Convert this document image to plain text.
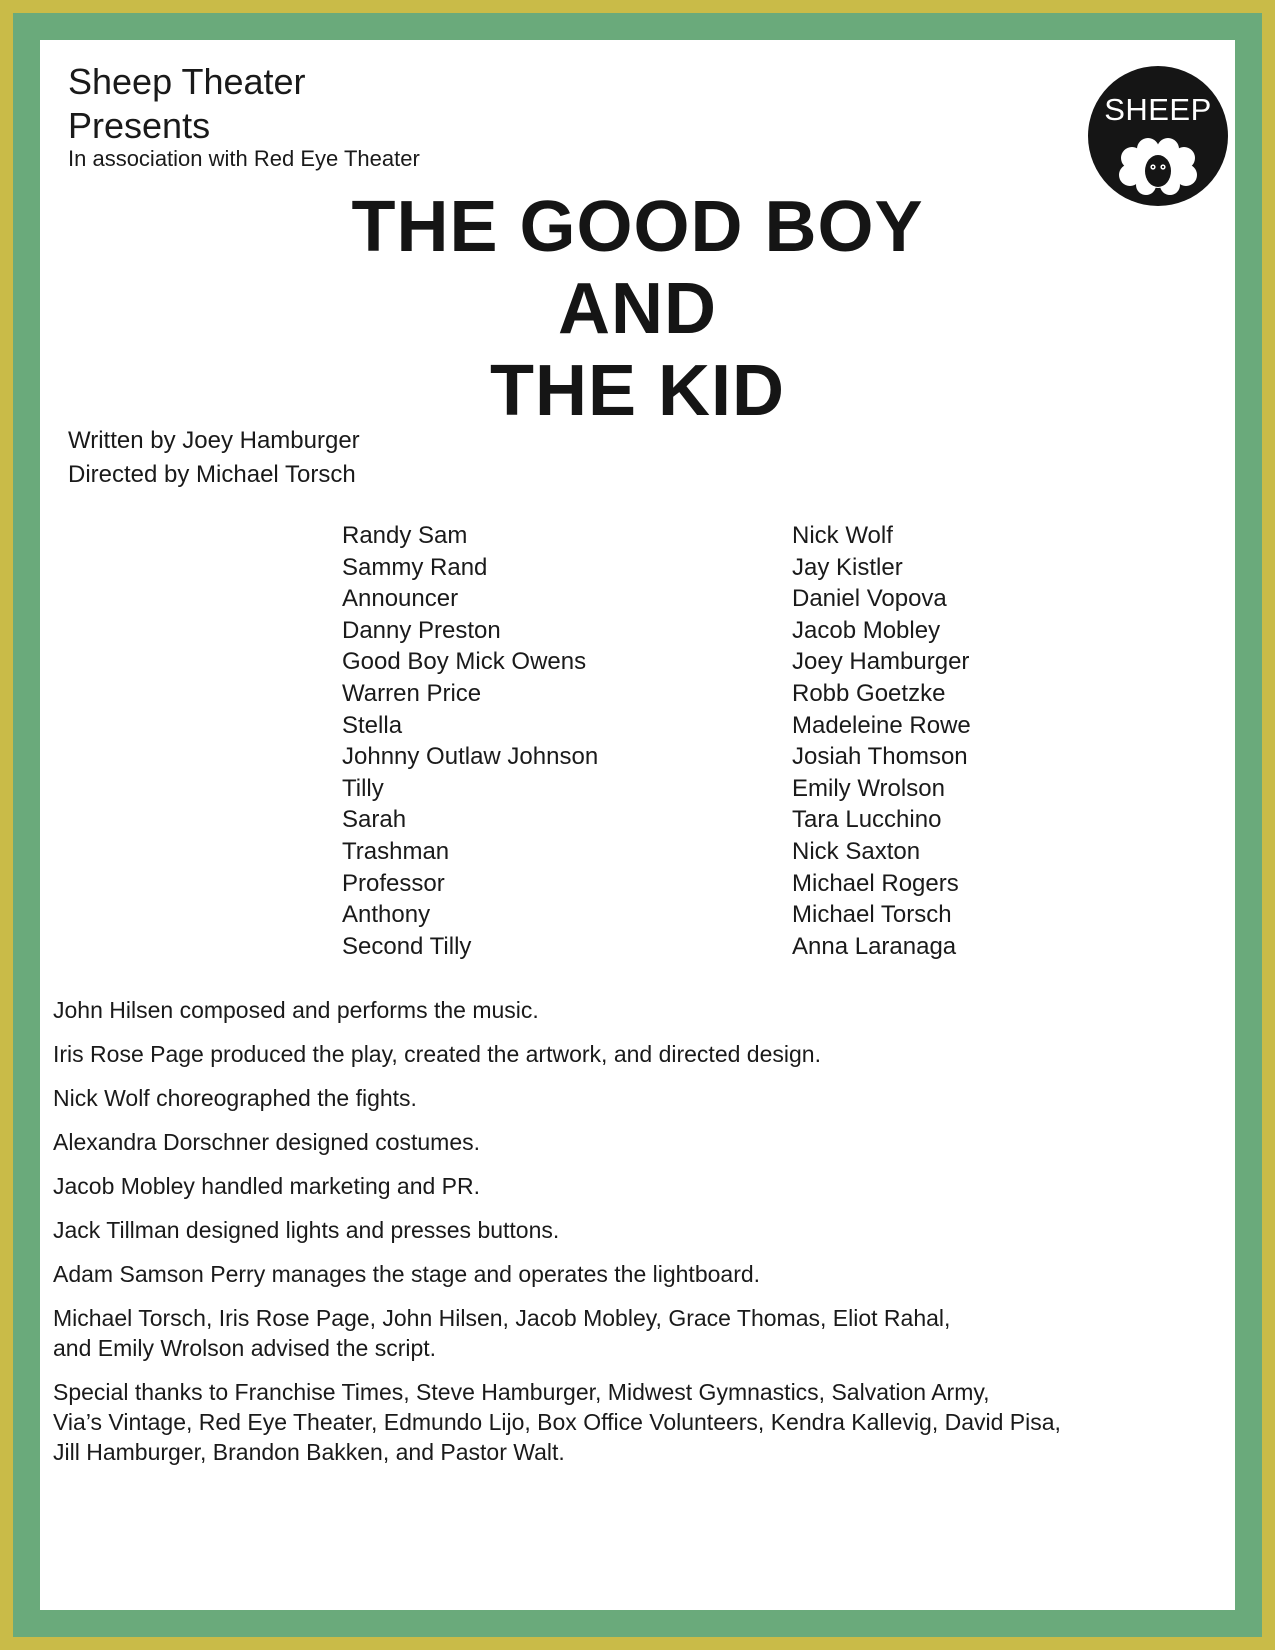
Sheep Theater
Presents
In association with Red Eye Theater
SHEEP
THE GOOD BOY
AND
THE KID
Written by Joey Hamburger
Directed by Michael Torsch
Randy Sam
Sammy Rand
Announcer
Danny Preston
Good Boy Mick Owens
Warren Price
Stella
Johnny Outlaw Johnson
Tilly
Sarah
Trashman
Professor
Anthony
Second Tilly
Nick Wolf
Jay Kistler
Daniel Vopova
Jacob Mobley
Joey Hamburger
Robb Goetzke
Madeleine Rowe
Josiah Thomson
Emily Wrolson
Tara Lucchino
Nick Saxton
Michael Rogers
Michael Torsch
Anna Laranaga

John Hilsen composed and performs the music.

Iris Rose Page produced the play, created the artwork, and directed design.

Nick Wolf choreographed the fights.

Alexandra Dorschner designed costumes.

Jacob Mobley handled marketing and PR.

Jack Tillman designed lights and presses buttons.

Adam Samson Perry manages the stage and operates the lightboard.

Michael Torsch, Iris Rose Page, John Hilsen, Jacob Mobley, Grace Thomas, Eliot Rahal,
and Emily Wrolson advised the script.

Special thanks to Franchise Times, Steve Hamburger, Midwest Gymnastics, Salvation Army,
Via’s Vintage, Red Eye Theater, Edmundo Lijo, Box Office Volunteers, Kendra Kallevig, David Pisa,
Jill Hamburger, Brandon Bakken, and Pastor Walt.
